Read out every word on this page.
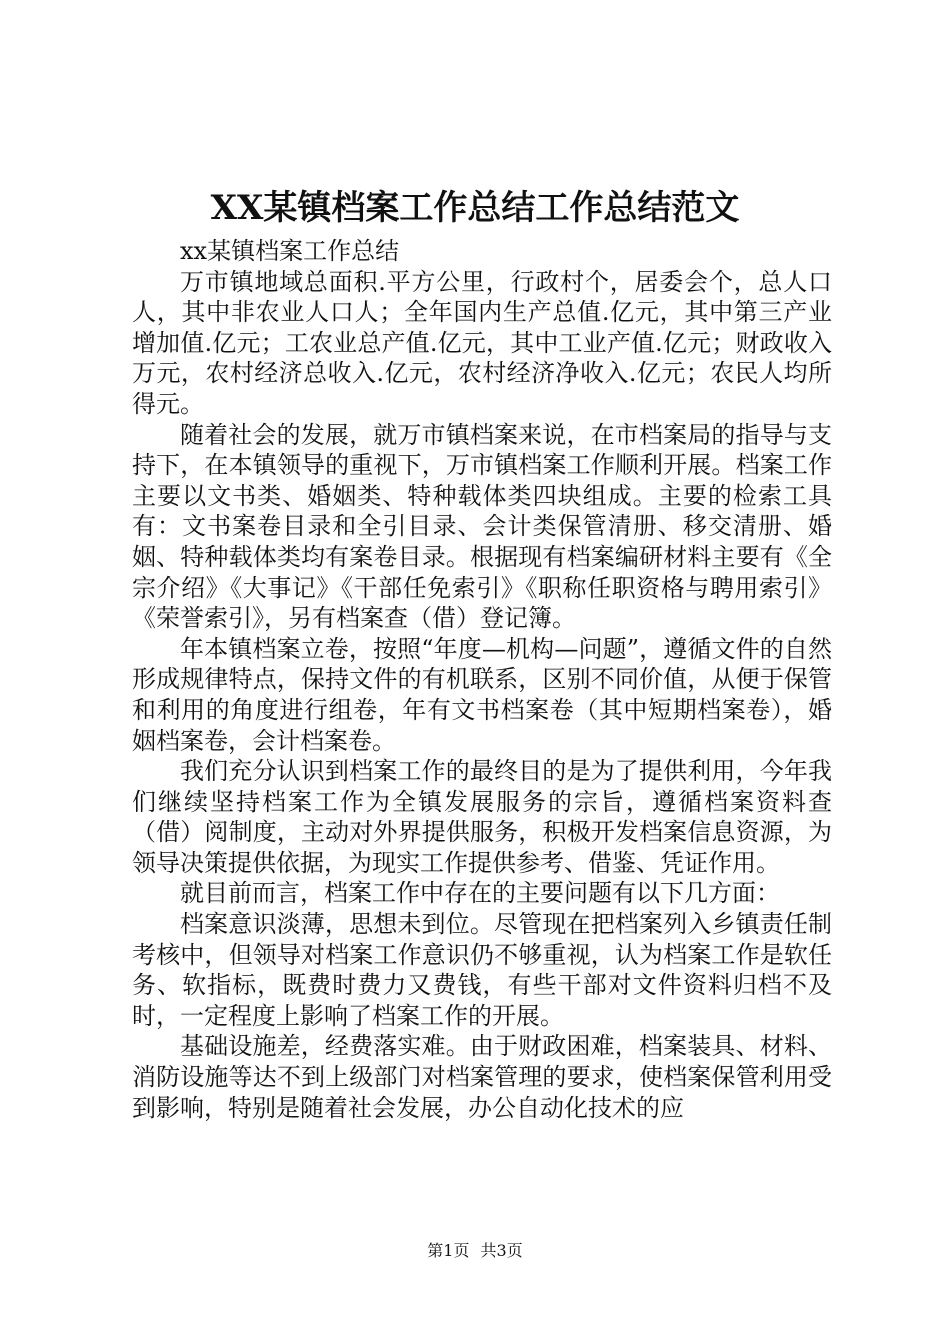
XX某镇档案工作总结工作总结范文

xx某镇档案工作总结

万市镇地域总面积.平方公里，行政村个，居委会个，总人口人，其中非农业人口人；全年国内生产总值.亿元，其中第三产业增加值.亿元；工农业总产值.亿元，其中工业产值.亿元；财政收入万元，农村经济总收入.亿元，农村经济净收入.亿元；农民人均所得元。

随着社会的发展，就万市镇档案来说，在市档案局的指导与支持下，在本镇领导的重视下，万市镇档案工作顺利开展。档案工作主要以文书类、婚姻类、特种载体类四块组成。主要的检索工具有：文书案卷目录和全引目录、会计类保管清册、移交清册、婚姻、特种载体类均有案卷目录。根据现有档案编研材料主要有《全宗介绍》《大事记》《干部任免索引》《职称任职资格与聘用索引》《荣誉索引》，另有档案查（借）登记簿。

年本镇档案立卷，按照“年度—机构—问题”，遵循文件的自然形成规律特点，保持文件的有机联系，区别不同价值，从便于保管和利用的角度进行组卷，年有文书档案卷（其中短期档案卷），婚姻档案卷，会计档案卷。

我们充分认识到档案工作的最终目的是为了提供利用，今年我们继续坚持档案工作为全镇发展服务的宗旨，遵循档案资料查（借）阅制度，主动对外界提供服务，积极开发档案信息资源，为领导决策提供依据，为现实工作提供参考、借鉴、凭证作用。

就目前而言，档案工作中存在的主要问题有以下几方面：

档案意识淡薄，思想未到位。尽管现在把档案列入乡镇责任制考核中，但领导对档案工作意识仍不够重视，认为档案工作是软任务、软指标，既费时费力又费钱，有些干部对文件资料归档不及时，一定程度上影响了档案工作的开展。

基础设施差，经费落实难。由于财政困难，档案装具、材料、消防设施等达不到上级部门对档案管理的要求，使档案保管利用受到影响，特别是随着社会发展，办公自动化技术的应

第1页 共3页
